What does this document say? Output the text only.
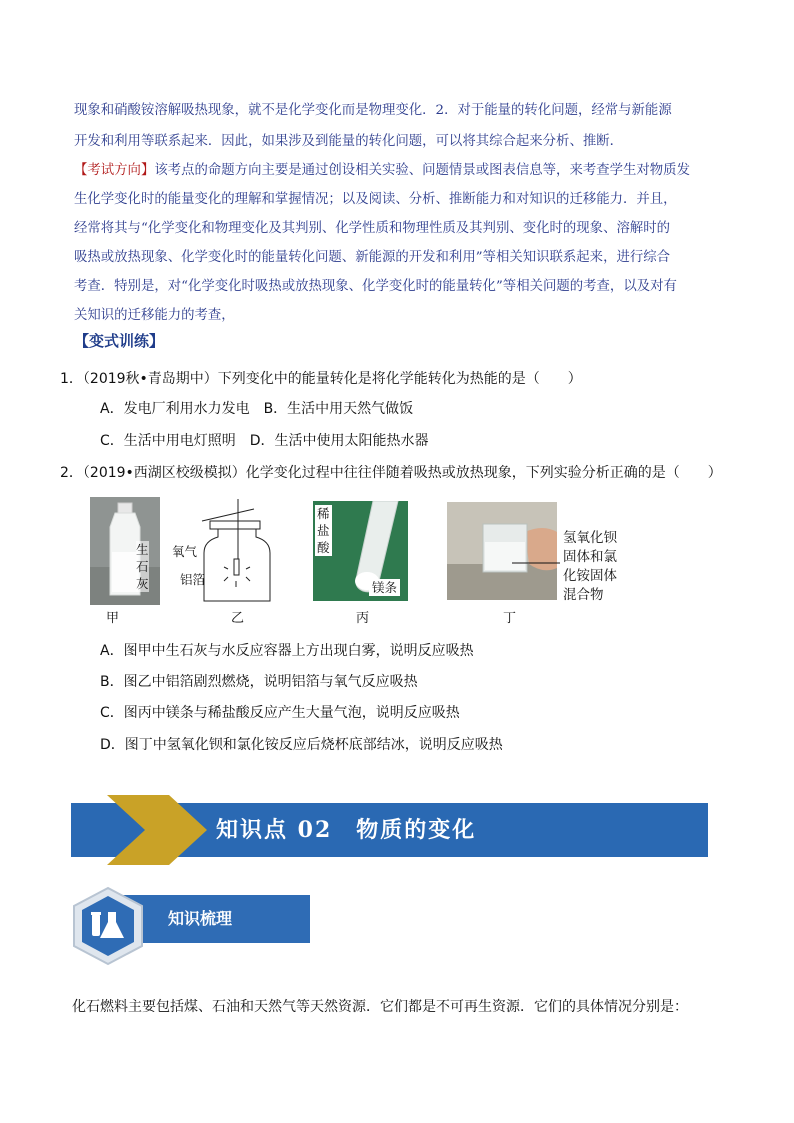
现象和硝酸铵溶解吸热现象，就不是化学变化而是物理变化．2．对于能量的转化问题，经常与新能源
开发和利用等联系起来．因此，如果涉及到能量的转化问题，可以将其综合起来分析、推断．
【考试方向】该考点的命题方向主要是通过创设相关实验、问题情景或图表信息等，来考查学生对物质发
生化学变化时的能量变化的理解和掌握情况；以及阅读、分析、推断能力和对知识的迁移能力．并且，
经常将其与“化学变化和物理变化及其判别、化学性质和物理性质及其判别、变化时的现象、溶解时的
吸热或放热现象、化学变化时的能量转化问题、新能源的开发和利用”等相关知识联系起来，进行综合
考查．特别是，对“化学变化时吸热或放热现象、化学变化时的能量转化”等相关问题的考查，以及对有
关知识的迁移能力的考查，
【变式训练】
1．（2019秋•青岛期中）下列变化中的能量转化是将化学能转化为热能的是（　　）
A．发电厂利用水力发电　B．生活中用天然气做饭
C．生活中用电灯照明　D．生活中使用太阳能热水器
2．（2019•西湖区校级模拟）化学变化过程中往往伴随着吸热或放热现象，下列实验分析正确的是（　　）
生
石
灰
甲
氧气
铝箔
乙
稀
盐
酸
镁条
丙
氢氧化钡
固体和氯
化铵固体
混合物
丁
A．图甲中生石灰与水反应容器上方出现白雾，说明反应吸热
B．图乙中铝箔剧烈燃烧，说明铝箔与氧气反应吸热
C．图丙中镁条与稀盐酸反应产生大量气泡，说明反应吸热
D．图丁中氢氧化钡和氯化铵反应后烧杯底部结冰，说明反应吸热
知识点 02　物质的变化
知识梳理
化石燃料主要包括煤、石油和天然气等天然资源．它们都是不可再生资源．它们的具体情况分别是：
